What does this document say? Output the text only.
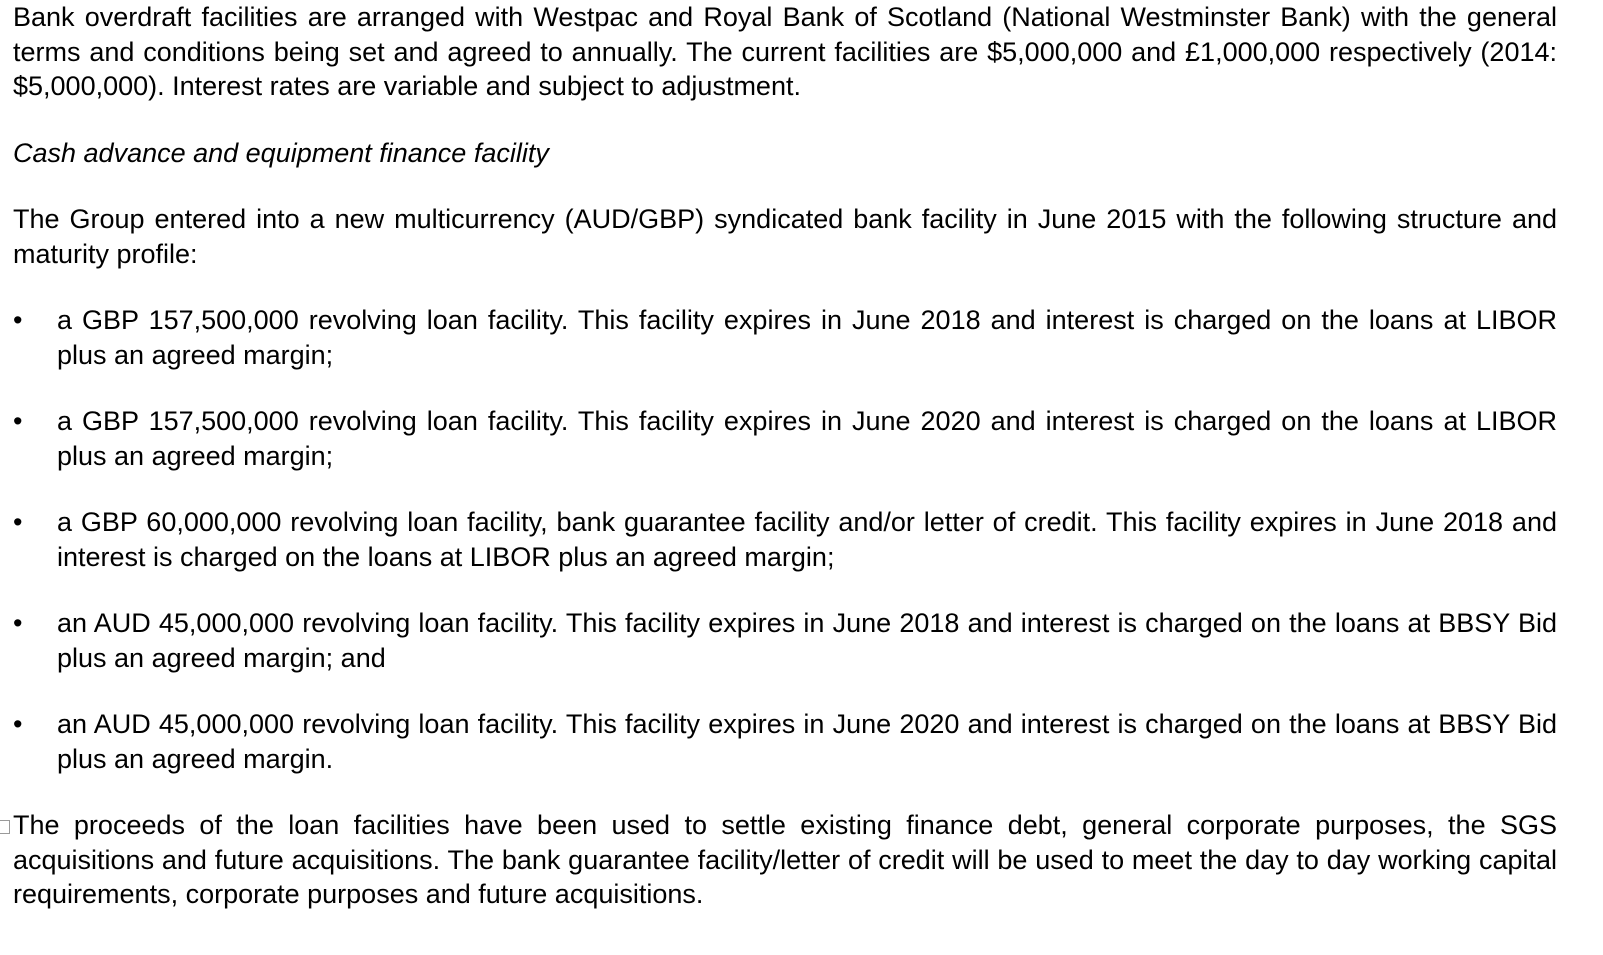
Bank overdraft facilities are arranged with Westpac and Royal Bank of Scotland (National Westminster Bank) with the general terms and conditions being set and agreed to annually. The current facilities are $5,000,000 and £1,000,000 respectively (2014: $5,000,000). Interest rates are variable and subject to adjustment.

Cash advance and equipment finance facility

The Group entered into a new multicurrency (AUD/GBP) syndicated bank facility in June 2015 with the following structure and maturity profile:

• a GBP 157,500,000 revolving loan facility. This facility expires in June 2018 and interest is charged on the loans at LIBOR plus an agreed margin;
• a GBP 157,500,000 revolving loan facility. This facility expires in June 2020 and interest is charged on the loans at LIBOR plus an agreed margin;
• a GBP 60,000,000 revolving loan facility, bank guarantee facility and/or letter of credit. This facility expires in June 2018 and interest is charged on the loans at LIBOR plus an agreed margin;
• an AUD 45,000,000 revolving loan facility. This facility expires in June 2018 and interest is charged on the loans at BBSY Bid plus an agreed margin; and
• an AUD 45,000,000 revolving loan facility. This facility expires in June 2020 and interest is charged on the loans at BBSY Bid plus an agreed margin.

The proceeds of the loan facilities have been used to settle existing finance debt, general corporate purposes, the SGS acquisitions and future acquisitions. The bank guarantee facility/letter of credit will be used to meet the day to day working capital requirements, corporate purposes and future acquisitions.
